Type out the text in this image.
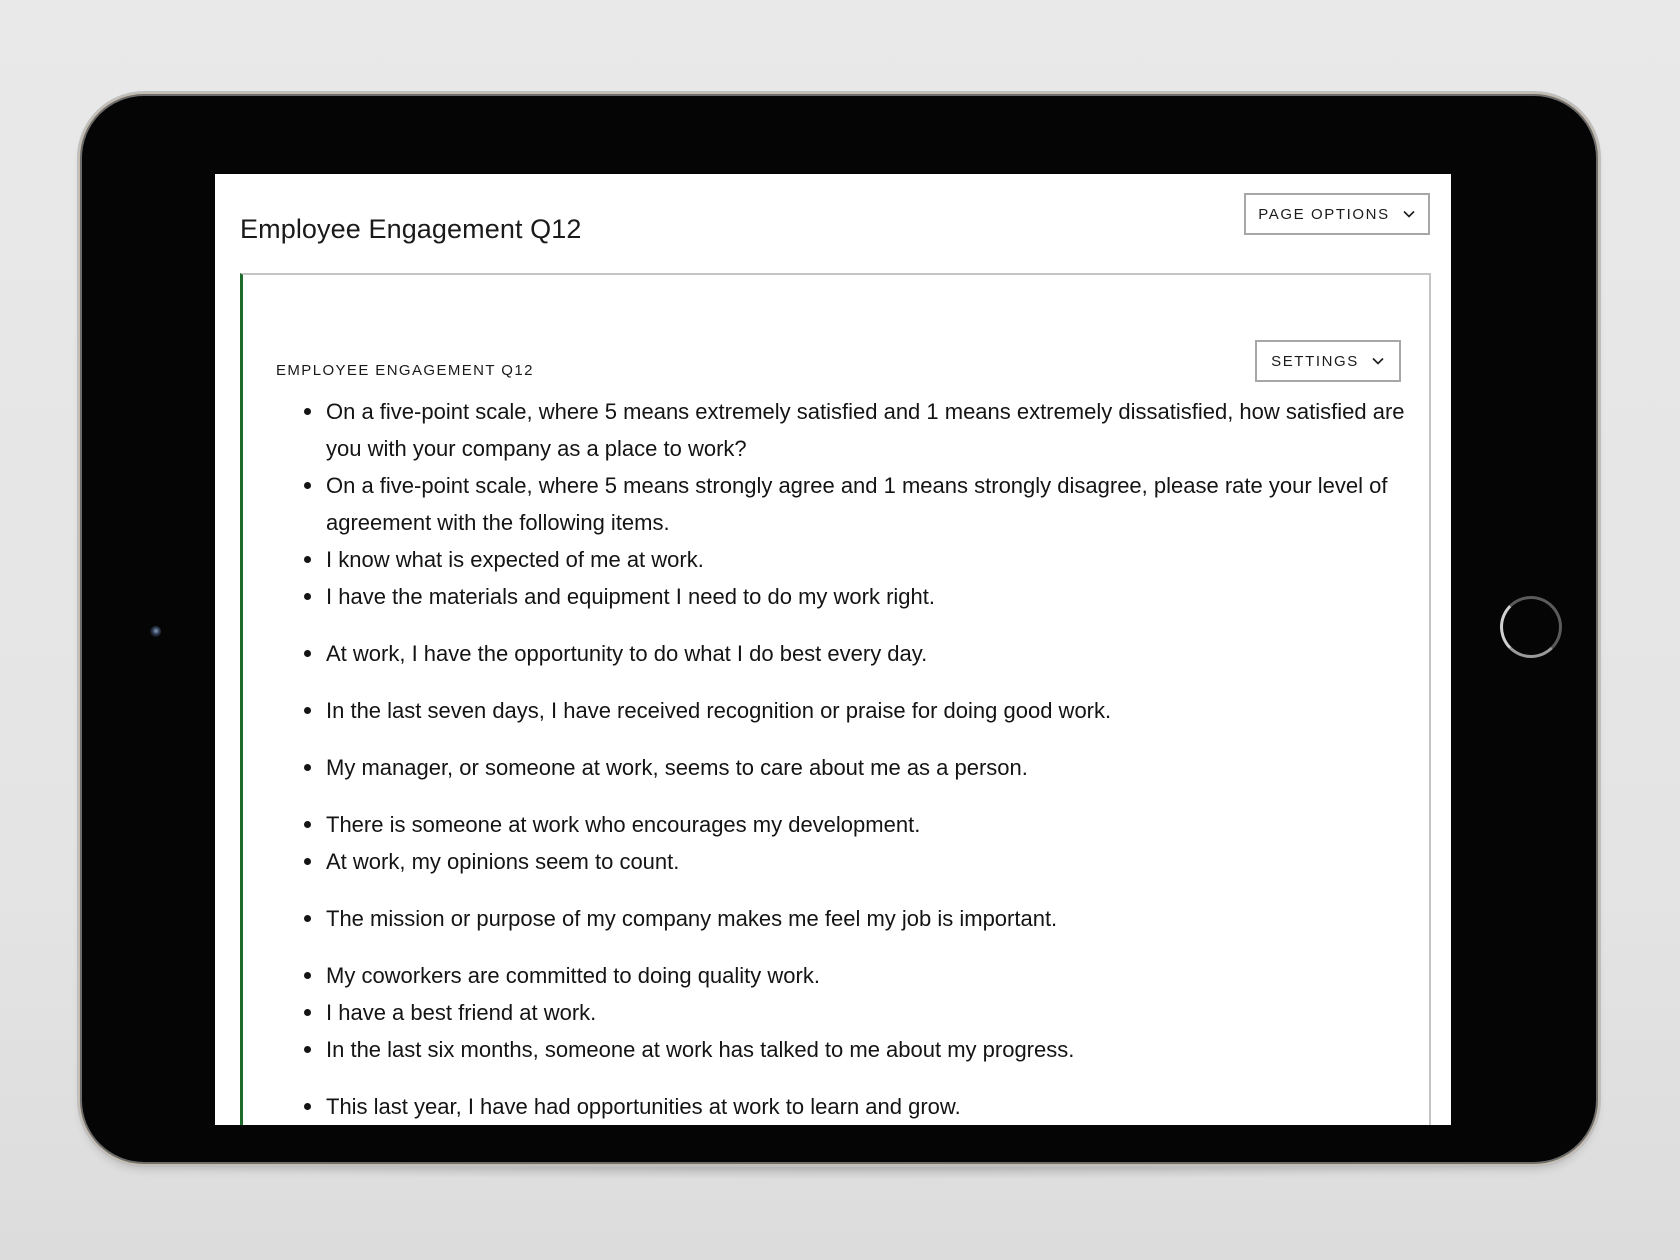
Employee Engagement Q12	PAGE OPTIONS
EMPLOYEE ENGAGEMENT Q12
SETTINGS
On a five-point scale, where 5 means extremely satisfied and 1 means extremely dissatisfied, how satisfied are you with your company as a place to work?
On a five-point scale, where 5 means strongly agree and 1 means strongly disagree, please rate your level of agreement with the following items.
I know what is expected of me at work.
I have the materials and equipment I need to do my work right.
At work, I have the opportunity to do what I do best every day.
In the last seven days, I have received recognition or praise for doing good work.
My manager, or someone at work, seems to care about me as a person.
There is someone at work who encourages my development.
At work, my opinions seem to count.
The mission or purpose of my company makes me feel my job is important.
My coworkers are committed to doing quality work.
I have a best friend at work.
In the last six months, someone at work has talked to me about my progress.
This last year, I have had opportunities at work to learn and grow.
